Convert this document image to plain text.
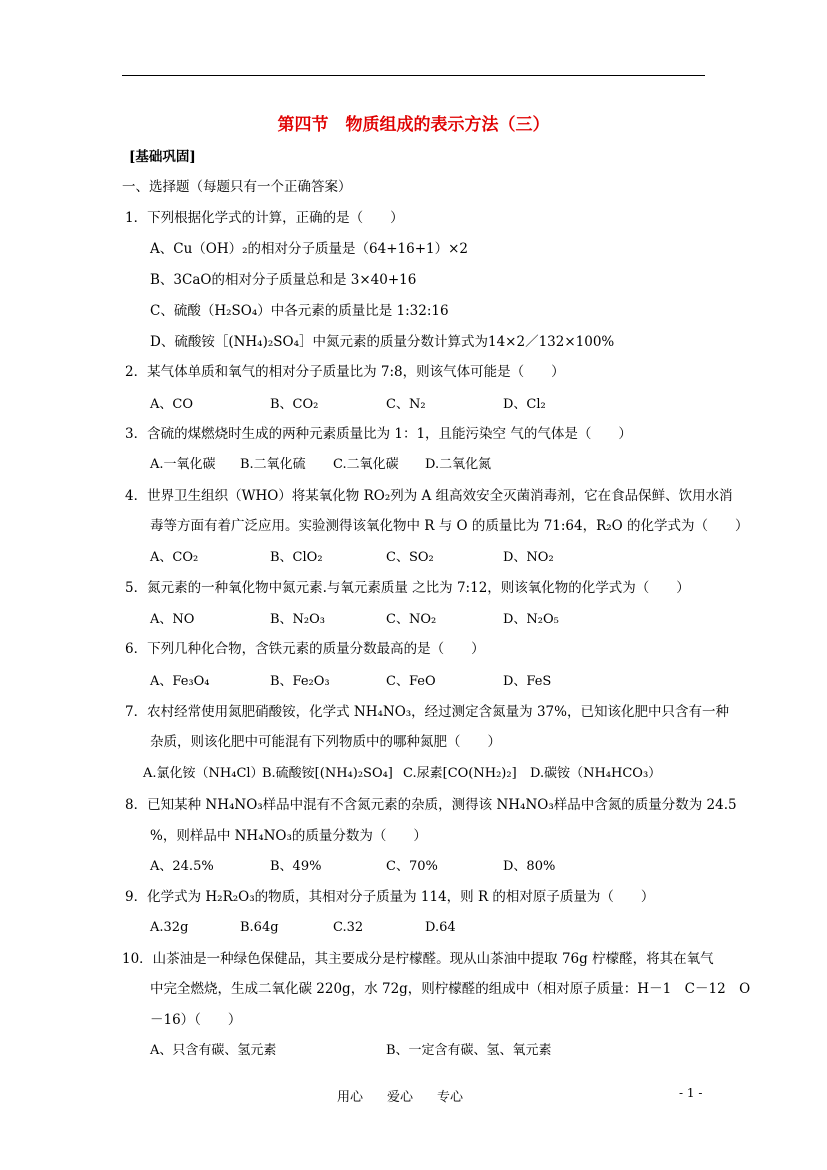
第四节　物质组成的表示方法（三）
[基础巩固]
一、选择题（每题只有一个正确答案）
1．下列根据化学式的计算，正确的是（　　）
A、Cu（OH）₂的相对分子质量是（64+16+1）×2
B、3CaO的相对分子质量总和是 3×40+16
C、硫酸（H₂SO₄）中各元素的质量比是 1:32:16
D、硫酸铵［(NH₄)₂SO₄］中氮元素的质量分数计算式为14×2／132×100%
2．某气体单质和氧气的相对分子质量比为 7:8，则该气体可能是（　　）
A、CO	B、CO₂	C、N₂	D、Cl₂
3．含硫的煤燃烧时生成的两种元素质量比为 1：1，且能污染空 气的气体是（　　）
A.一氧化碳 B.二氧化硫 C.二氧化碳 D.二氧化氮
4．世界卫生组织（WHO）将某氧化物 RO₂列为 A 组高效安全灭菌消毒剂，它在食品保鲜、饮用水消
毒等方面有着广泛应用。实验测得该氧化物中 R 与 O 的质量比为 71:64，R₂O 的化学式为（　　）
A、CO₂	B、ClO₂	C、SO₂	D、NO₂
5．氮元素的一种氧化物中氮元素.与氧元素质量 之比为 7:12，则该氧化物的化学式为（　　）
A、NO	B、N₂O₃	C、NO₂	D、N₂O₅
6．下列几种化合物，含铁元素的质量分数最高的是（　　）
A、Fe₃O₄	B、Fe₂O₃	C、FeO	D、FeS
7．农村经常使用氮肥硝酸铵，化学式 NH₄NO₃，经过测定含氮量为 37%，已知该化肥中只含有一种
杂质，则该化肥中可能混有下列物质中的哪种氮肥（　　）
A.氯化铵（NH₄Cl）
B.硫酸铵[(NH₄)₂SO₄] C.尿素[CO(NH₂)₂] D.碳铵（NH₄HCO₃）
8．已知某种 NH₄NO₃样品中混有不含氮元素的杂质，测得该 NH₄NO₃样品中含氮的质量分数为 24.5
%，则样品中 NH₄NO₃的质量分数为（　　）
A、24.5%	B、49%	C、70%	D、80%
9．化学式为 H₂R₂O₃的物质，其相对分子质量为 114，则 R 的相对原子质量为（　　）
A.32g	B.64g	C.32	D.64
10．山茶油是一种绿色保健品，其主要成分是柠檬醛。现从山茶油中提取 76g 柠檬醛，将其在氧气
中完全燃烧，生成二氧化碳 220g，水 72g，则柠檬醛的组成中（相对原子质量：H－1　C－12　O
－16）（　　）
A、只含有碳、氢元素	B、一定含有碳、氢、氧元素
用心 爱心 专心	- 1 -
